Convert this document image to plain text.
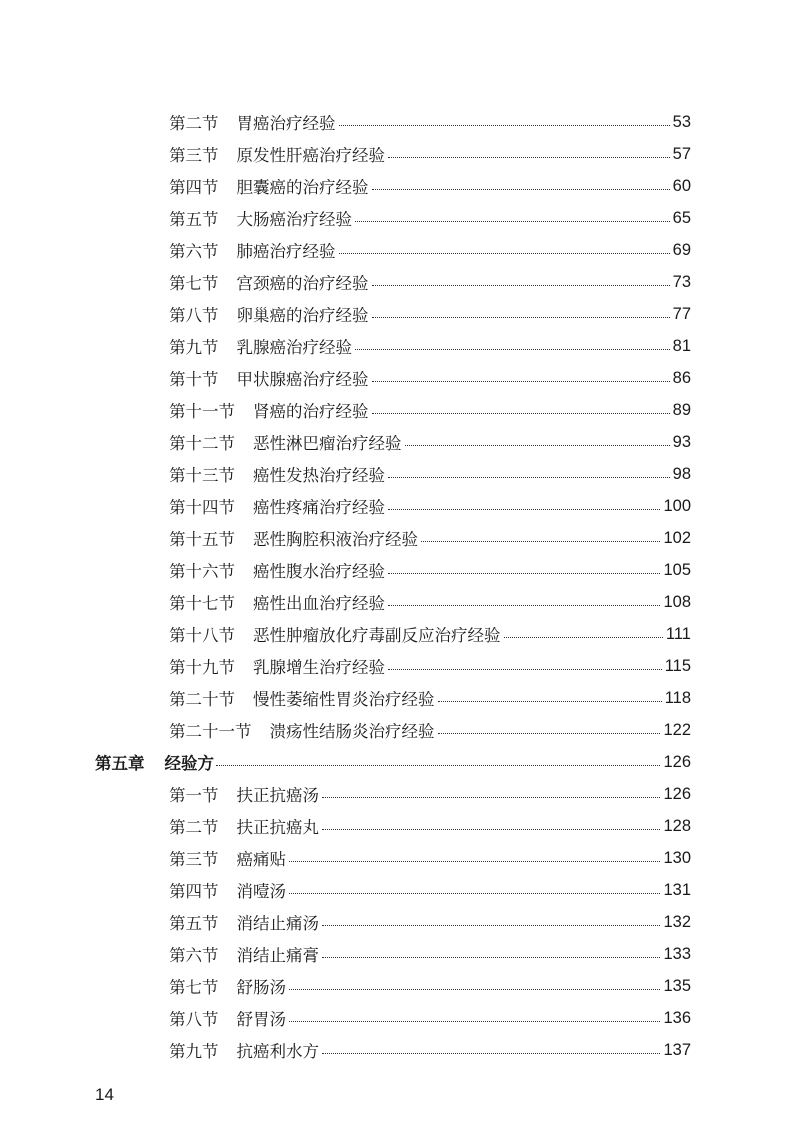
第二节 胃癌治疗经验	53
第三节 原发性肝癌治疗经验	57
第四节 胆囊癌的治疗经验	60
第五节 大肠癌治疗经验	65
第六节 肺癌治疗经验	69
第七节 宫颈癌的治疗经验	73
第八节 卵巢癌的治疗经验	77
第九节 乳腺癌治疗经验	81
第十节 甲状腺癌治疗经验	86
第十一节 肾癌的治疗经验	89
第十二节 恶性淋巴瘤治疗经验	93
第十三节 癌性发热治疗经验	98
第十四节 癌性疼痛治疗经验	100
第十五节 恶性胸腔积液治疗经验	102
第十六节 癌性腹水治疗经验	105
第十七节 癌性出血治疗经验	108
第十八节 恶性肿瘤放化疗毒副反应治疗经验	111
第十九节 乳腺增生治疗经验	115
第二十节 慢性萎缩性胃炎治疗经验	118
第二十一节 溃疡性结肠炎治疗经验	122
第五章 经验方	126
第一节 扶正抗癌汤	126
第二节 扶正抗癌丸	128
第三节 癌痛贴	130
第四节 消噎汤	131
第五节 消结止痛汤	132
第六节 消结止痛膏	133
第七节 舒肠汤	135
第八节 舒胃汤	136
第九节 抗癌利水方	137
14
